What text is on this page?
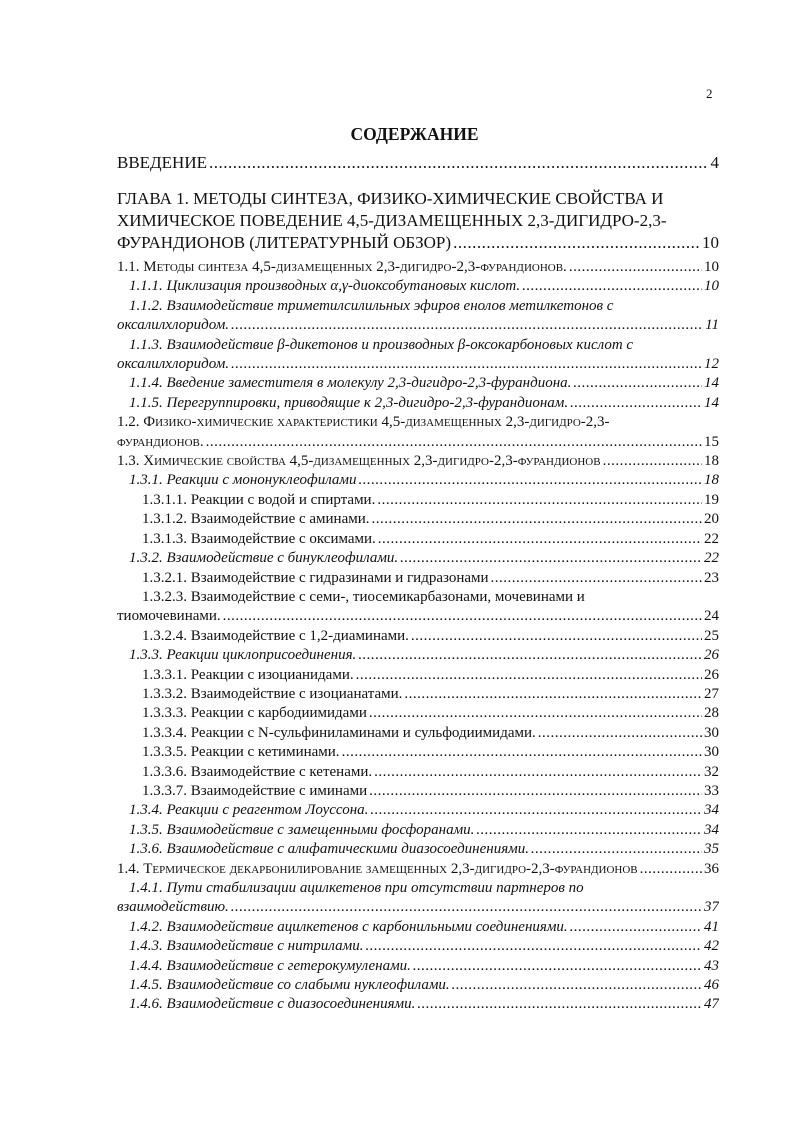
2
СОДЕРЖАНИЕ
ВВЕДЕНИЕ .....	4
ГЛАВА 1. МЕТОДЫ СИНТЕЗА, ФИЗИКО-ХИМИЧЕСКИЕ СВОЙСТВА И ХИМИЧЕСКОЕ ПОВЕДЕНИЕ 4,5-ДИЗАМЕЩЕННЫХ 2,3-ДИГИДРО-2,3-ФУРАНДИОНОВ (ЛИТЕРАТУРНЫЙ ОБЗОР) .....	10
1.1. Методы синтеза 4,5-дизамещенных 2,3-дигидро-2,3-фурандионов. .....	10
1.1.1. Циклизация производных α,γ-диоксобутановых кислот. .....	10
1.1.2. Взаимодействие триметилсилильных эфиров енолов метилкетонов с оксалилхлоридом. .....	11
1.1.3. Взаимодействие β-дикетонов и производных β-оксокарбоновых кислот с оксалилхлоридом. .....	12
1.1.4. Введение заместителя в молекулу 2,3-дигидро-2,3-фурандиона. .....	14
1.1.5. Перегруппировки, приводящие к 2,3-дигидро-2,3-фурандионам. .....	14
1.2. Физико-химические характеристики 4,5-дизамещенных 2,3-дигидро-2,3-фурандионов. .....	15
1.3. Химические свойства 4,5-дизамещенных 2,3-дигидро-2,3-фурандионов .....	18
1.3.1. Реакции с мононуклеофилами .....	18
1.3.1.1. Реакции с водой и спиртами. .....	19
1.3.1.2. Взаимодействие с аминами. .....	20
1.3.1.3. Взаимодействие с оксимами. .....	22
1.3.2. Взаимодействие с бинуклеофилами. .....	22
1.3.2.1. Взаимодействие с гидразинами и гидразонами .....	23
1.3.2.3. Взаимодействие с семи-, тиосемикарбазонами, мочевинами и тиомочевинами. .....	24
1.3.2.4. Взаимодействие с 1,2-диаминами. .....	25
1.3.3. Реакции циклоприсоединения. .....	26
1.3.3.1. Реакции с изоцианидами. .....	26
1.3.3.2. Взаимодействие с изоцианатами. .....	27
1.3.3.3. Реакции с карбодиимидами .....	28
1.3.3.4. Реакции с N-сульфиниламинами и сульфодиимидами. .....	30
1.3.3.5. Реакции с кетиминами. .....	30
1.3.3.6. Взаимодействие с кетенами. .....	32
1.3.3.7. Взаимодействие с иминами .....	33
1.3.4. Реакции с реагентом Лоуссона. .....	34
1.3.5. Взаимодействие с замещенными фосфоранами. .....	34
1.3.6. Взаимодействие с алифатическими диазосоединениями. .....	35
1.4. Термическое декарбонилирование замещенных 2,3-дигидро-2,3-фурандионов .....	36
1.4.1. Пути стабилизации ацилкетенов при отсутствии партнеров по взаимодействию. .....	37
1.4.2. Взаимодействие ацилкетенов с карбонильными соединениями. .....	41
1.4.3. Взаимодействие с нитрилами. .....	42
1.4.4. Взаимодействие с гетерокумуленами. .....	43
1.4.5. Взаимодействие со слабыми нуклеофилами. .....	46
1.4.6. Взаимодействие с диазосоединениями. .....	47
